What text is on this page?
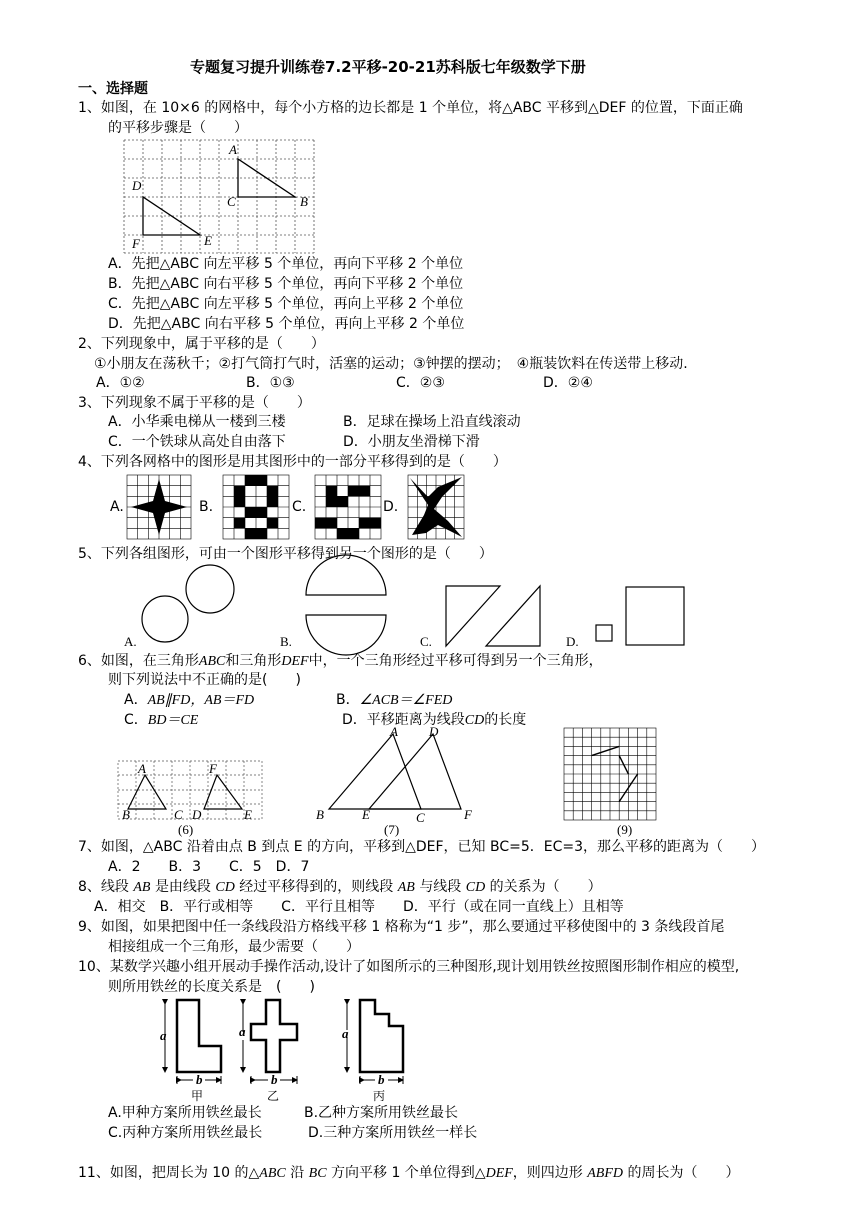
专题复习提升训练卷7.2平移-20-21苏科版七年级数学下册
一、选择题
1、如图，在 10×6 的网格中，每个小方格的边长都是 1 个单位，将△ABC 平移到△DEF 的位置，下面正确
的平移步骤是（　　）
A
B
C
D
E
F
A．先把△ABC 向左平移 5 个单位，再向下平移 2 个单位
B．先把△ABC 向右平移 5 个单位，再向下平移 2 个单位
C．先把△ABC 向左平移 5 个单位，再向上平移 2 个单位
D．先把△ABC 向右平移 5 个单位，再向上平移 2 个单位
2、下列现象中，属于平移的是（　　）
①小朋友在荡秋千；②打气筒打气时，活塞的运动；③钟摆的摆动；　④瓶装饮料在传送带上移动.
A．①②	B．①③	C．②③	D．②④
3、下列现象不属于平移的是（　　）
A．小华乘电梯从一楼到三楼	B．足球在操场上沿直线滚动
C．一个铁球从高处自由落下	D．小朋友坐滑梯下滑
4、下列各网格中的图形是用其图形中的一部分平移得到的是（　　）
A.	B.	C.	D.
5、下列各组图形，可由一个图形平移得到另一个图形的是（　　）
A.	B.	C.	D.
6、如图，在三角形ABC和三角形DEF中，一个三角形经过平移可得到另一个三角形，
则下列说法中不正确的是(　　)
A．AB∥FD，AB＝FD	B．∠ACB＝∠FED
C．BD＝CE	D．平移距离为线段CD的长度
A	F
B	C D	E
(6)
A D
B	E	C	F
(7)	(9)
7、如图，△ABC 沿着由点 B 到点 E 的方向，平移到△DEF，已知 BC=5．EC=3，那么平移的距离为（　　）
A．2　　B．3　　C．5　D．7
8、线段 AB 是由线段 CD 经过平移得到的，则线段 AB 与线段 CD 的关系为（　　）
A．相交　B．平行或相等　　C．平行且相等　　D．平行（或在同一直线上）且相等
9、如图，如果把图中任一条线段沿方格线平移 1 格称为“1 步”，那么要通过平移使图中的 3 条线段首尾
相接组成一个三角形，最少需要（　　）
10、某数学兴趣小组开展动手操作活动,设计了如图所示的三种图形,现计划用铁丝按照图形制作相应的模型,
则所用铁丝的长度关系是　(　　)
a	a	a
b	b	b
甲	乙	丙
A.甲种方案所用铁丝最长	B.乙种方案所用铁丝最长
C.丙种方案所用铁丝最长	D.三种方案所用铁丝一样长
11、如图，把周长为 10 的△ABC 沿 BC 方向平移 1 个单位得到△DEF，则四边形 ABFD 的周长为（　　）
